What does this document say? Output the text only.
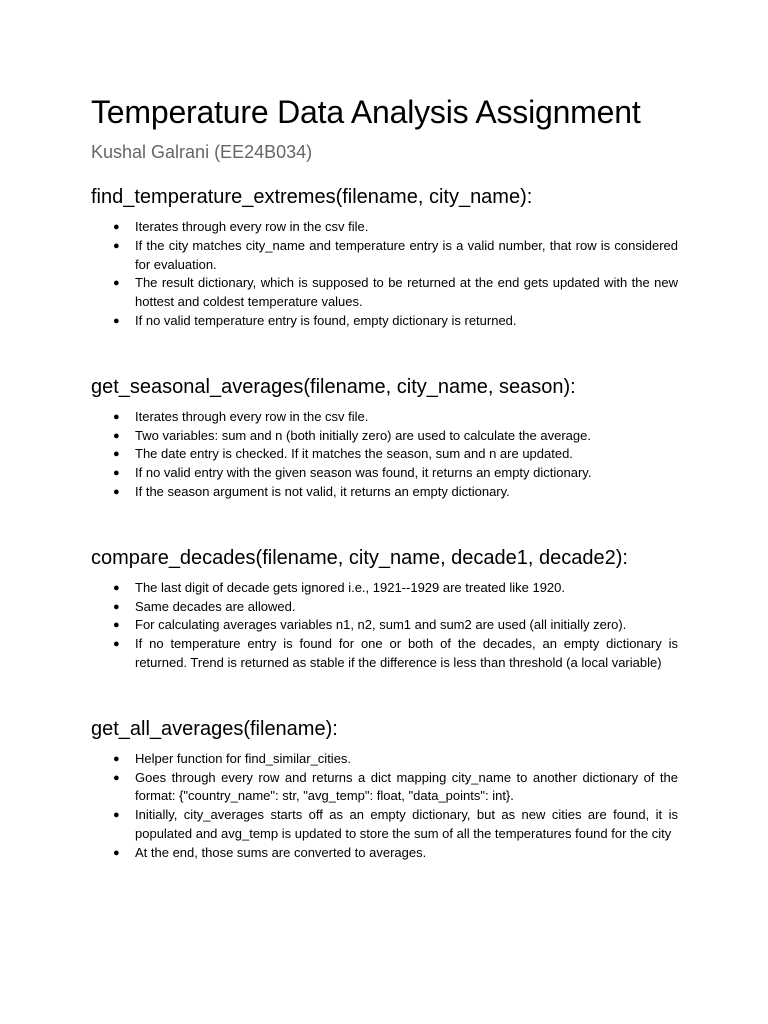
Temperature Data Analysis Assignment
Kushal Galrani (EE24B034)
find_temperature_extremes(filename, city_name):
● Iterates through every row in the csv file.
● If the city matches city_name and temperature entry is a valid number, that row is considered for evaluation.
● The result dictionary, which is supposed to be returned at the end gets updated with the new hottest and coldest temperature values.
● If no valid temperature entry is found, empty dictionary is returned.
get_seasonal_averages(filename, city_name, season):
● Iterates through every row in the csv file.
● Two variables: sum and n (both initially zero) are used to calculate the average.
● The date entry is checked. If it matches the season, sum and n are updated.
● If no valid entry with the given season was found, it returns an empty dictionary.
● If the season argument is not valid, it returns an empty dictionary.
compare_decades(filename, city_name, decade1, decade2):
● The last digit of decade gets ignored i.e., 1921--1929 are treated like 1920.
● Same decades are allowed.
● For calculating averages variables n1, n2, sum1 and sum2 are used (all initially zero).
● If no temperature entry is found for one or both of the decades, an empty dictionary is returned. Trend is returned as stable if the difference is less than threshold (a local variable)
get_all_averages(filename):
● Helper function for find_similar_cities.
● Goes through every row and returns a dict mapping city_name to another dictionary of the format: {"country_name": str, "avg_temp": float, "data_points": int}.
● Initially, city_averages starts off as an empty dictionary, but as new cities are found, it is populated and avg_temp is updated to store the sum of all the temperatures found for the city
● At the end, those sums are converted to averages.
